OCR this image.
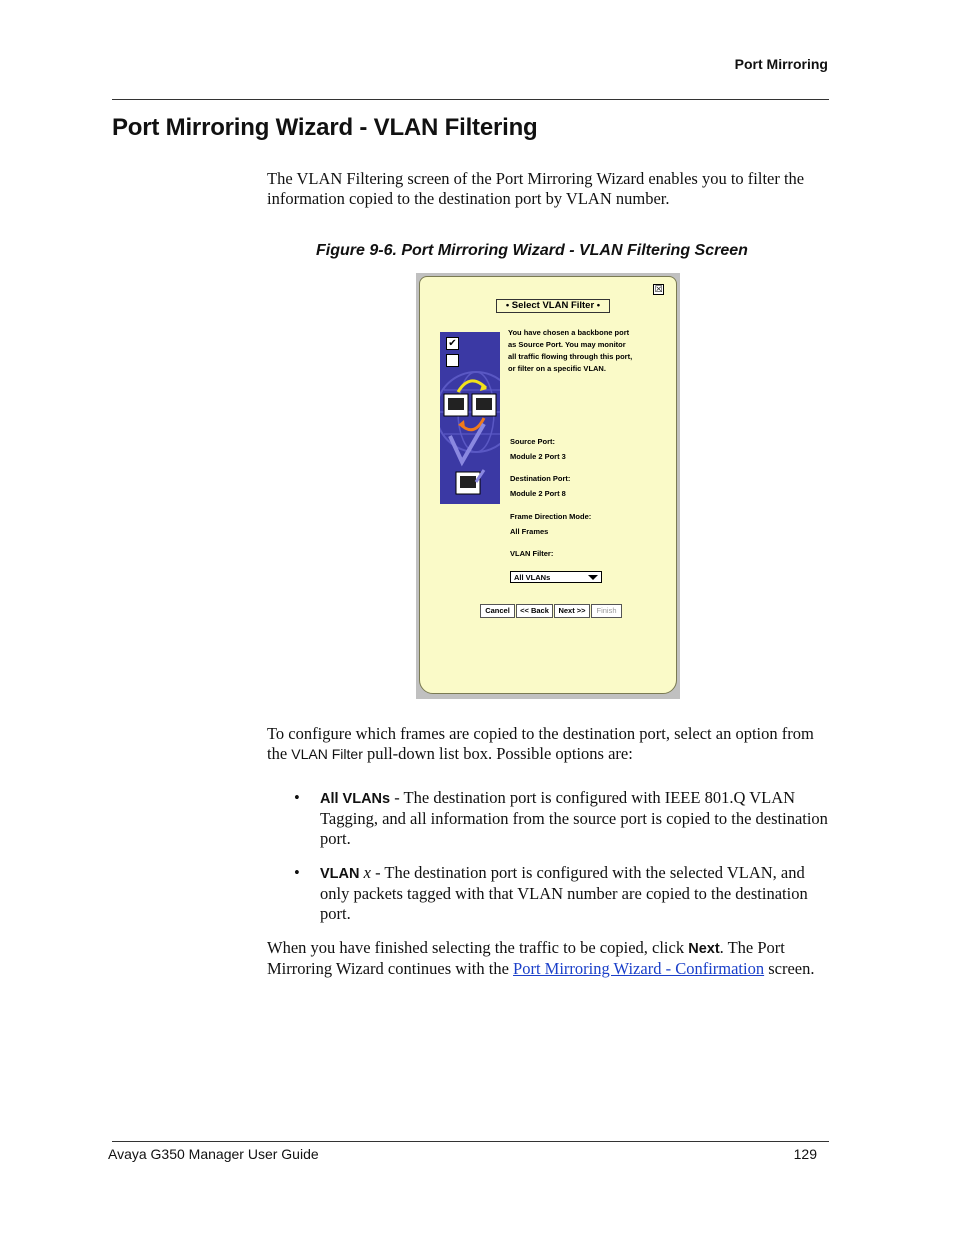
Port Mirroring
Port Mirroring Wizard - VLAN Filtering
The VLAN Filtering screen of the Port Mirroring Wizard enables you to filter the information copied to the destination port by VLAN number.
Figure 9-6. Port Mirroring Wizard - VLAN Filtering Screen
☒
• Select VLAN Filter •
✔
You have chosen a backbone port as Source Port. You may monitor all traffic flowing through this port, or filter on a specific VLAN.
Source Port:
Module 2 Port 3
Destination Port:
Module 2 Port 8
Frame Direction Mode:
All Frames
VLAN Filter:
All VLANs
Cancel	<< Back	Next >>	Finish
To configure which frames are copied to the destination port, select an option from the VLAN Filter pull-down list box. Possible options are:
• All VLANs - The destination port is configured with IEEE 801.Q VLAN Tagging, and all information from the source port is copied to the destination port.
• VLAN x - The destination port is configured with the selected VLAN, and only packets tagged with that VLAN number are copied to the destination port.
When you have finished selecting the traffic to be copied, click Next. The Port Mirroring Wizard continues with the Port Mirroring Wizard - Confirmation screen.
Avaya G350 Manager User Guide	129
